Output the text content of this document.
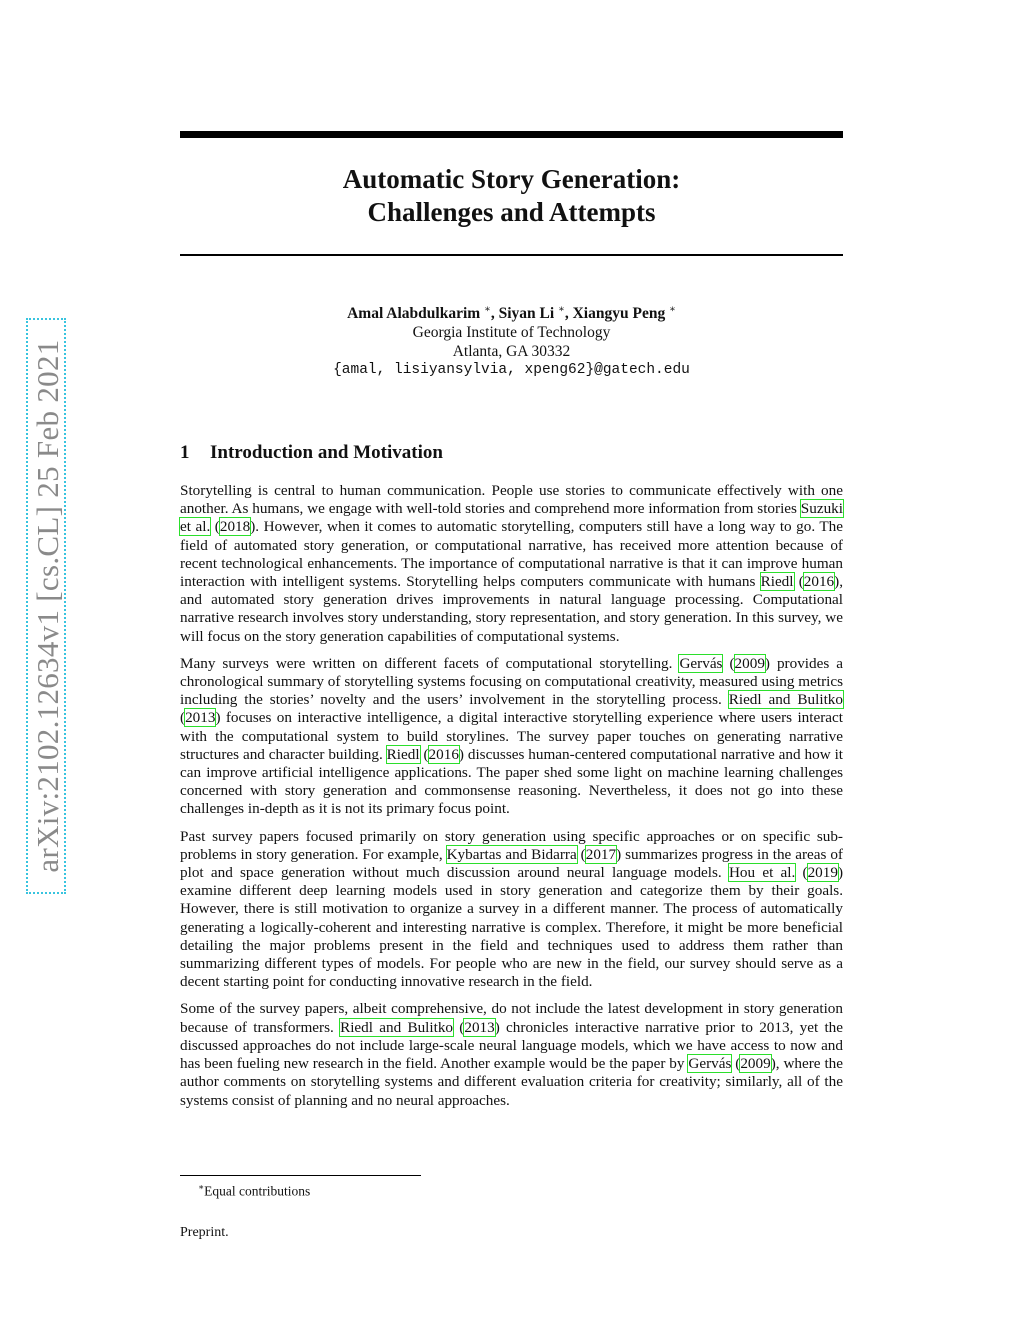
arXiv:2102.12634v1 [cs.CL] 25 Feb 2021
Automatic Story Generation:
Challenges and Attempts
Amal Alabdulkarim ∗, Siyan Li ∗, Xiangyu Peng ∗
Georgia Institute of Technology
Atlanta, GA 30332
{amal, lisiyansylvia, xpeng62}@gatech.edu
1 Introduction and Motivation

Storytelling is central to human communication. People use stories to communicate effectively with one another. As humans, we engage with well-told stories and comprehend more information from stories Suzuki et al. (2018). However, when it comes to automatic storytelling, computers still have a long way to go. The field of automated story generation, or computational narrative, has received more attention because of recent technological enhancements. The importance of computational narrative is that it can improve human interaction with intelligent systems. Storytelling helps computers communicate with humans Riedl (2016), and automated story generation drives improvements in natural language processing. Computational narrative research involves story understanding, story representation, and story generation. In this survey, we will focus on the story generation capabilities of computational systems.

Many surveys were written on different facets of computational storytelling. Gervás (2009) provides a chronological summary of storytelling systems focusing on computational creativity, measured using metrics including the stories’ novelty and the users’ involvement in the storytelling process. Riedl and Bulitko (2013) focuses on interactive intelligence, a digital interactive storytelling experience where users interact with the computational system to build storylines. The survey paper touches on generating narrative structures and character building. Riedl (2016) discusses human-centered computational narrative and how it can improve artificial intelligence applications. The paper shed some light on machine learning challenges concerned with story generation and commonsense reasoning. Nevertheless, it does not go into these challenges in-depth as it is not its primary focus point.

Past survey papers focused primarily on story generation using specific approaches or on specific sub-problems in story generation. For example, Kybartas and Bidarra (2017) summarizes progress in the areas of plot and space generation without much discussion around neural language models. Hou et al. (2019) examine different deep learning models used in story generation and categorize them by their goals. However, there is still motivation to organize a survey in a different manner. The process of automatically generating a logically-coherent and interesting narrative is complex. Therefore, it might be more beneficial detailing the major problems present in the field and techniques used to address them rather than summarizing different types of models. For people who are new in the field, our survey should serve as a decent starting point for conducting innovative research in the field.

Some of the survey papers, albeit comprehensive, do not include the latest development in story generation because of transformers. Riedl and Bulitko (2013) chronicles interactive narrative prior to 2013, yet the discussed approaches do not include large-scale neural language models, which we have access to now and has been fueling new research in the field. Another example would be the paper by Gervás (2009), where the author comments on storytelling systems and different evaluation criteria for creativity; similarly, all of the systems consist of planning and no neural approaches.

∗Equal contributions
Preprint.
